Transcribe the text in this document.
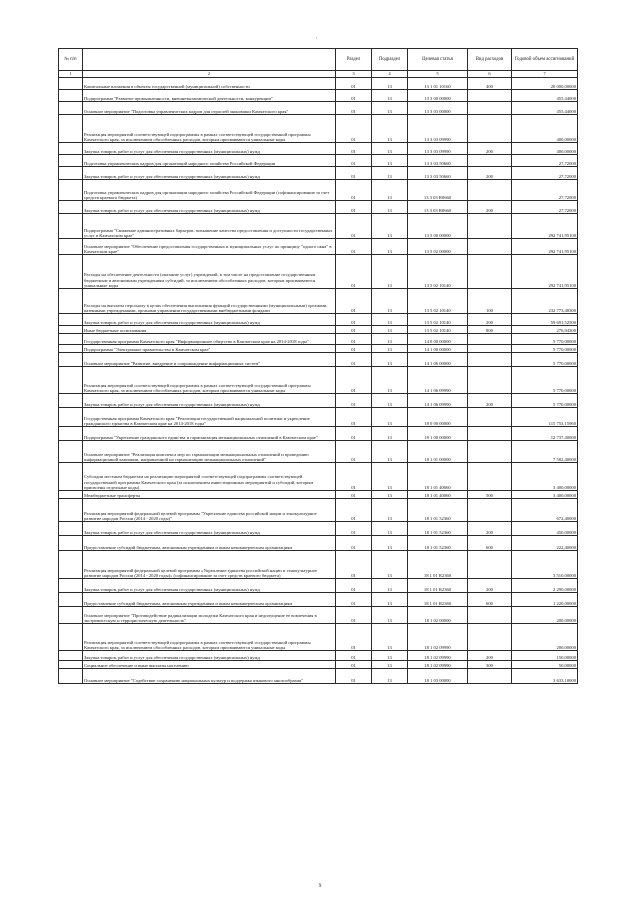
'
№ п/п		Раздел	Подраздел	Целевая статья	Вид расходов	Годовой объем ассигнований
1	2	3	4	5	6	7
	Капитальные вложения в объекты государственной (муниципальной) собственности	01	13	13 1 01 10160	400	20 000,00000
	Подпрограмма "Развитие промышленности, внешнеэкономической деятельности, конкуренции"	01	13	13 3 00 00000		455,44000
	Основное мероприятие "Подготовка управленческих кадров для отраслей экономики Камчатского края"	01	13	13 3 03 00000		455,44000
	Реализация мероприятий соответствующей подпрограммы в рамках соответствующей государственной программы Камчатского края, за исключением обособленных расходов, которым присваиваются уникальные коды	01	13	13 3 03 09990		400,00000
	Закупка товаров, работ и услуг для обеспечения государственных (муниципальных) нужд	01	13	13 3 03 09990	200	400,00000
	Подготовка управленческих кадров для организаций народного хозяйства Российской Федерации	01	13	13 3 03 50660		27,72000
	Закупка товаров, работ и услуг для обеспечения государственных (муниципальных) нужд	01	13	13 3 03 50660	200	27,72000
	Подготовка управленческих кадров для организации народного хозяйства Российской Федерации (софинансирование за счет средств краевого бюджета)	01	13	13 3 03 R0660		27,72000
	Закупка товаров, работ и услуг для обеспечения государственных (муниципальных) нужд	01	13	13 3 03 R0660	200	27,72000
	Подпрограмма "Снижение административных барьеров, повышение качества предоставления и доступности государственных услуг в Камчатском крае"	01	13	13 5 00 00000		292 741,95100
	Основное мероприятие "Обеспечение предоставления государственных и муниципальных услуг по принципу "одного окна" в Камчатском крае"	01	13	13 5 02 00000		292 741,95100
	Расходы на обеспечение деятельности (оказание услуг) учреждений, в том числе на предоставление государственным бюджетным и автономным учреждениям субсидий, за исключением обособленных расходов, которым присваиваются уникальные коды	01	13	13 5 02 10140		292 741,95100
	Расходы на выплаты персоналу в целях обеспечения выполнения функций государственными (муниципальными) органами, казенными учреждениями, органами управления государственными внебюджетными фондами	01	13	13 5 02 10140	100	232 773,48300
	Закупка товаров, работ и услуг для обеспечения государственных (муниципальных) нужд	01	13	13 5 02 10140	200	59 691,52500
	Иные бюджетные ассигнования	01	13	13 5 02 10140	800	276,94300
	Государственная программа Камчатского края "Информационное общество в Камчатском крае на 2014-2018 годы"	01	13	14 0 00 00000		5 770,00000
	Подпрограмма "Электронное правительство в Камчатском крае"	01	13	14 1 00 00000		5 770,00000
	Основное мероприятие "Развитие, внедрение и сопровождение информационных систем"	01	13	14 1 06 00000		5 770,00000
	Реализация мероприятий соответствующей подпрограммы в рамках соответствующей государственной программы Камчатского края, за исключением обособленных расходов, которым присваиваются уникальные коды	01	13	14 1 06 09990		5 770,00000
	Закупка товаров, работ и услуг для обеспечения государственных (муниципальных) нужд	01	13	14 1 06 09990	200	5 770,00000
	Государственная программа Камчатского края "Реализация государственной национальной политики и укрепление гражданского единства в Камчатском крае на 2014-2018 годы"	01	13	18 0 00 00000		115 753,15960
	Подпрограмма "Укрепление гражданского единства и гармонизация межнациональных отношений в Камчатском крае"	01	13	18 1 00 00000		12 737,40000
	Основное мероприятие "Реализация комплекса мер по гармонизации межнациональных отношений и проведению информационной кампании, направленной на гармонизацию межнациональных отношений"	01	13	18 1 01 00000		7 582,40000
	Субсидии местным бюджетам на реализацию мероприятий соответствующей подпрограммы соответствующей государственной программы Камчатского края (за исключением инвестиционных мероприятий и субсидий, которым присвоены отдельные коды)	01	13	18 1 01 40060		3 400,00000
	Межбюджетные трансферты	01	13	18 1 01 40060	500	3 400,00000
	Реализация мероприятий федеральной целевой программы "Укрепление единства российской нации и этнокультурное развитие народов России (2014 - 2020 годы)"	01	13	18 1 01 52360		672,40000
	Закупка товаров, работ и услуг для обеспечения государственных (муниципальных) нужд	01	13	18 1 01 52360	200	450,00000
	Предоставление субсидий бюджетным, автономным учреждениям и иным некоммерческим организациям	01	13	18 1 01 52360	600	222,40000
	Реализация мероприятий федеральной целевой программы «Укрепление единства российской нации и этнокультурное развитие народов России (2014 - 2020 годы)» (софинансирование за счет средств краевого бюджета)	01	13	18 1 01 R2360		3 510,00000
	Закупка товаров, работ и услуг для обеспечения государственных (муниципальных) нужд	01	13	18 1 01 R2360	200	2 290,00000
	Предоставление субсидий бюджетным, автономным учреждениям и иным некоммерческим организациям	01	13	18 1 01 R2360	600	1 220,00000
	Основное мероприятие "Противодействие радикализации молодежи Камчатского края и недопущение ее вовлечения в экстремистскую и террористическую деятельность"	01	13	18 1 02 00000		200,00000
	Реализация мероприятий соответствующей подпрограммы в рамках соответствующей государственной программы Камчатского края, за исключением обособленных расходов, которым присваиваются уникальные коды	01	13	18 1 02 09990		200,00000
	Закупка товаров, работ и услуг для обеспечения государственных (муниципальных) нужд	01	13	18 1 02 09990	200	150,00000
	Социальное обеспечение и иные выплаты населению	01	13	18 1 02 09990	300	50,00000
	Основное мероприятие "Содействие сохранению национальных культур и поддержка языкового многообразия"	01	13	18 1 03 00000		3 633,10000
9
